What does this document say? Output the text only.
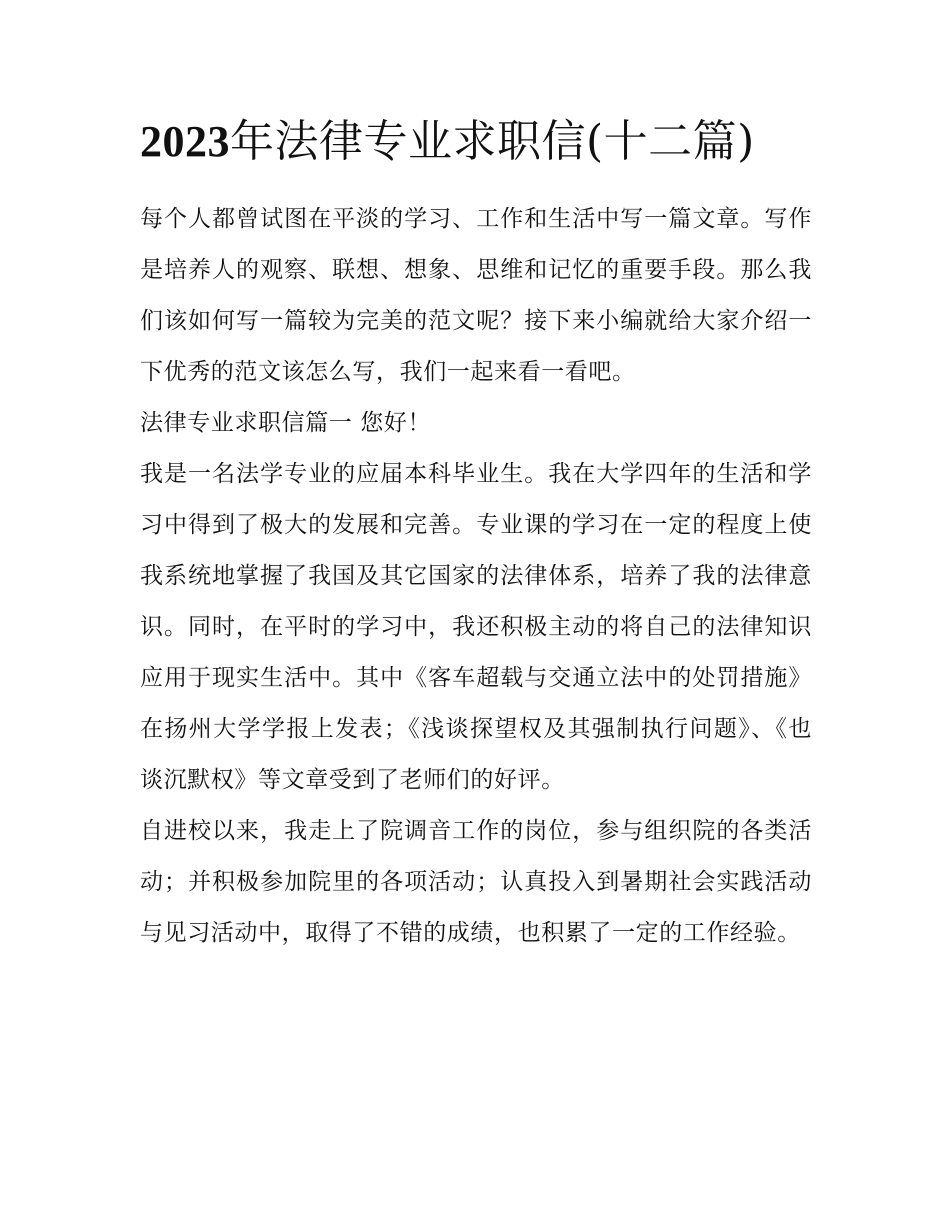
2023年法律专业求职信(十二篇)

每个人都曾试图在平淡的学习、工作和生活中写一篇文章。写作是培养人的观察、联想、想象、思维和记忆的重要手段。那么我们该如何写一篇较为完美的范文呢？接下来小编就给大家介绍一下优秀的范文该怎么写，我们一起来看一看吧。

法律专业求职信篇一 您好！

我是一名法学专业的应届本科毕业生。我在大学四年的生活和学习中得到了极大的发展和完善。专业课的学习在一定的程度上使我系统地掌握了我国及其它国家的法律体系，培养了我的法律意识。同时，在平时的学习中，我还积极主动的将自己的法律知识应用于现实生活中。其中《客车超载与交通立法中的处罚措施》在扬州大学学报上发表；《浅谈探望权及其强制执行问题》、《也谈沉默权》等文章受到了老师们的好评。

自进校以来，我走上了院调音工作的岗位，参与组织院的各类活动；并积极参加院里的各项活动；认真投入到暑期社会实践活动与见习活动中，取得了不错的成绩，也积累了一定的工作经验。
